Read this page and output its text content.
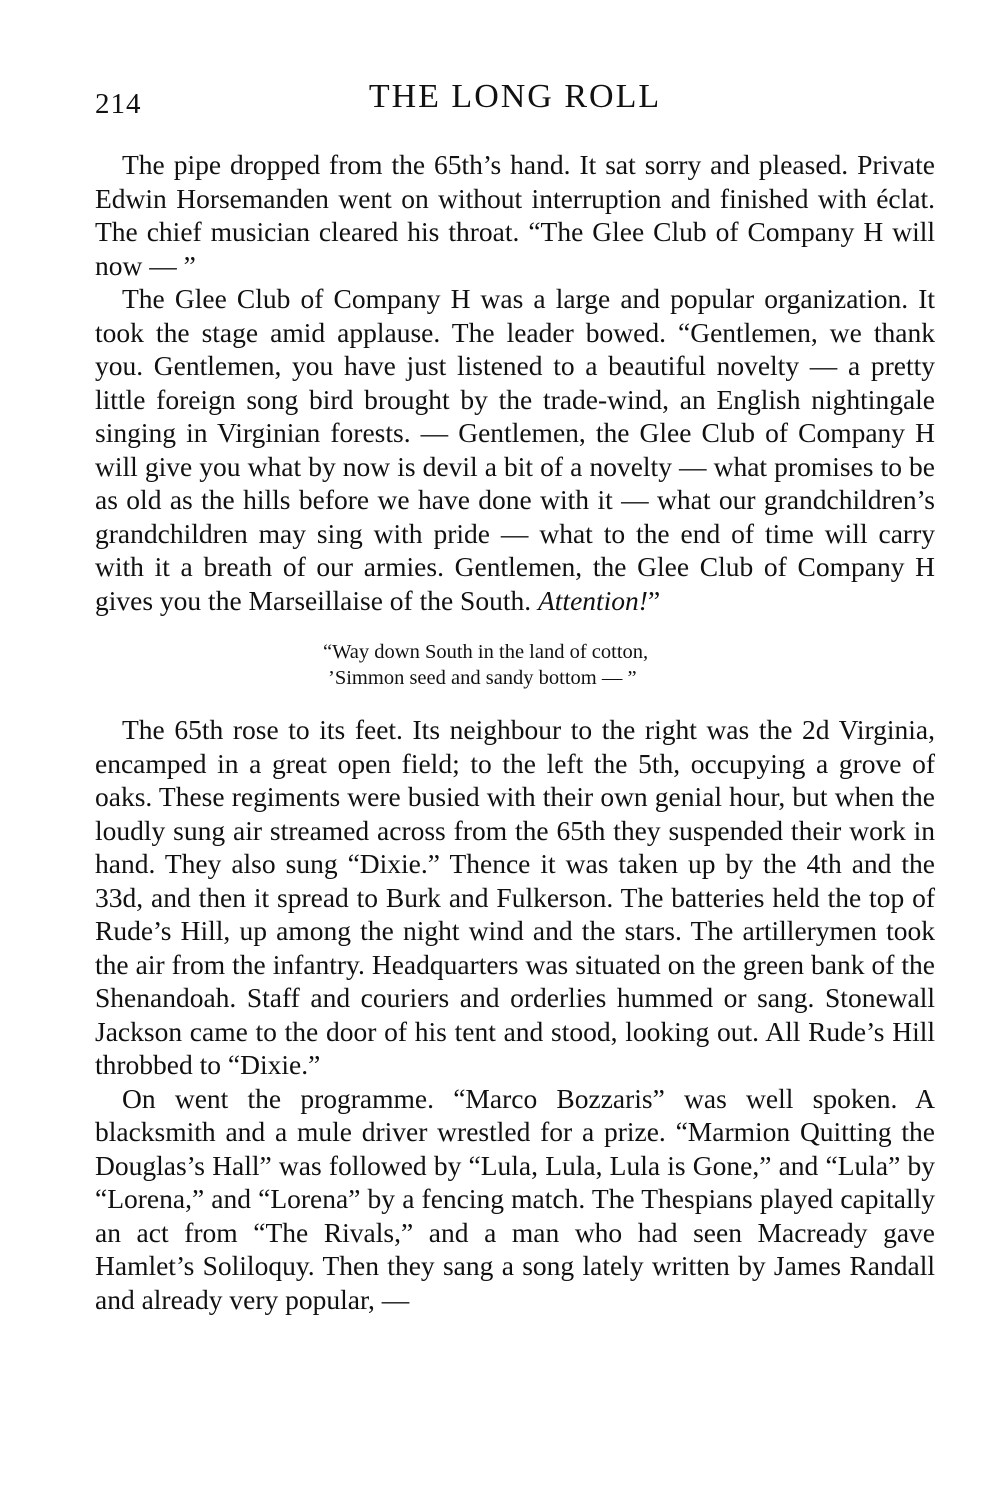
214	THE LONG ROLL

The pipe dropped from the 65th’s hand. It sat sorry and pleased. Private Edwin Horsemanden went on without interruption and finished with éclat. The chief musician cleared his throat. “The Glee Club of Company H will now — ”

The Glee Club of Company H was a large and popular organization. It took the stage amid applause. The leader bowed. “Gentlemen, we thank you. Gentlemen, you have just listened to a beautiful novelty — a pretty little foreign song bird brought by the trade-wind, an English nightingale singing in Virginian forests. — Gentlemen, the Glee Club of Company H will give you what by now is devil a bit of a novelty — what promises to be as old as the hills before we have done with it — what our grandchildren’s grandchildren may sing with pride — what to the end of time will carry with it a breath of our armies. Gentlemen, the Glee Club of Company H gives you the Marseillaise of the South. Attention!”

“Way down South in the land of cotton,
’Simmon seed and sandy bottom — ”

The 65th rose to its feet. Its neighbour to the right was the 2d Virginia, encamped in a great open field; to the left the 5th, occupying a grove of oaks. These regiments were busied with their own genial hour, but when the loudly sung air streamed across from the 65th they suspended their work in hand. They also sung “Dixie.” Thence it was taken up by the 4th and the 33d, and then it spread to Burk and Fulkerson. The batteries held the top of Rude’s Hill, up among the night wind and the stars. The artillerymen took the air from the infantry. Headquarters was situated on the green bank of the Shenandoah. Staff and couriers and orderlies hummed or sang. Stonewall Jackson came to the door of his tent and stood, looking out. All Rude’s Hill throbbed to “Dixie.”

On went the programme. “Marco Bozzaris” was well spoken. A blacksmith and a mule driver wrestled for a prize. “Marmion Quitting the Douglas’s Hall” was followed by “Lula, Lula, Lula is Gone,” and “Lula” by “Lorena,” and “Lorena” by a fencing match. The Thespians played capitally an act from “The Rivals,” and a man who had seen Macready gave Hamlet’s Soliloquy. Then they sang a song lately written by James Randall and already very popular, —
